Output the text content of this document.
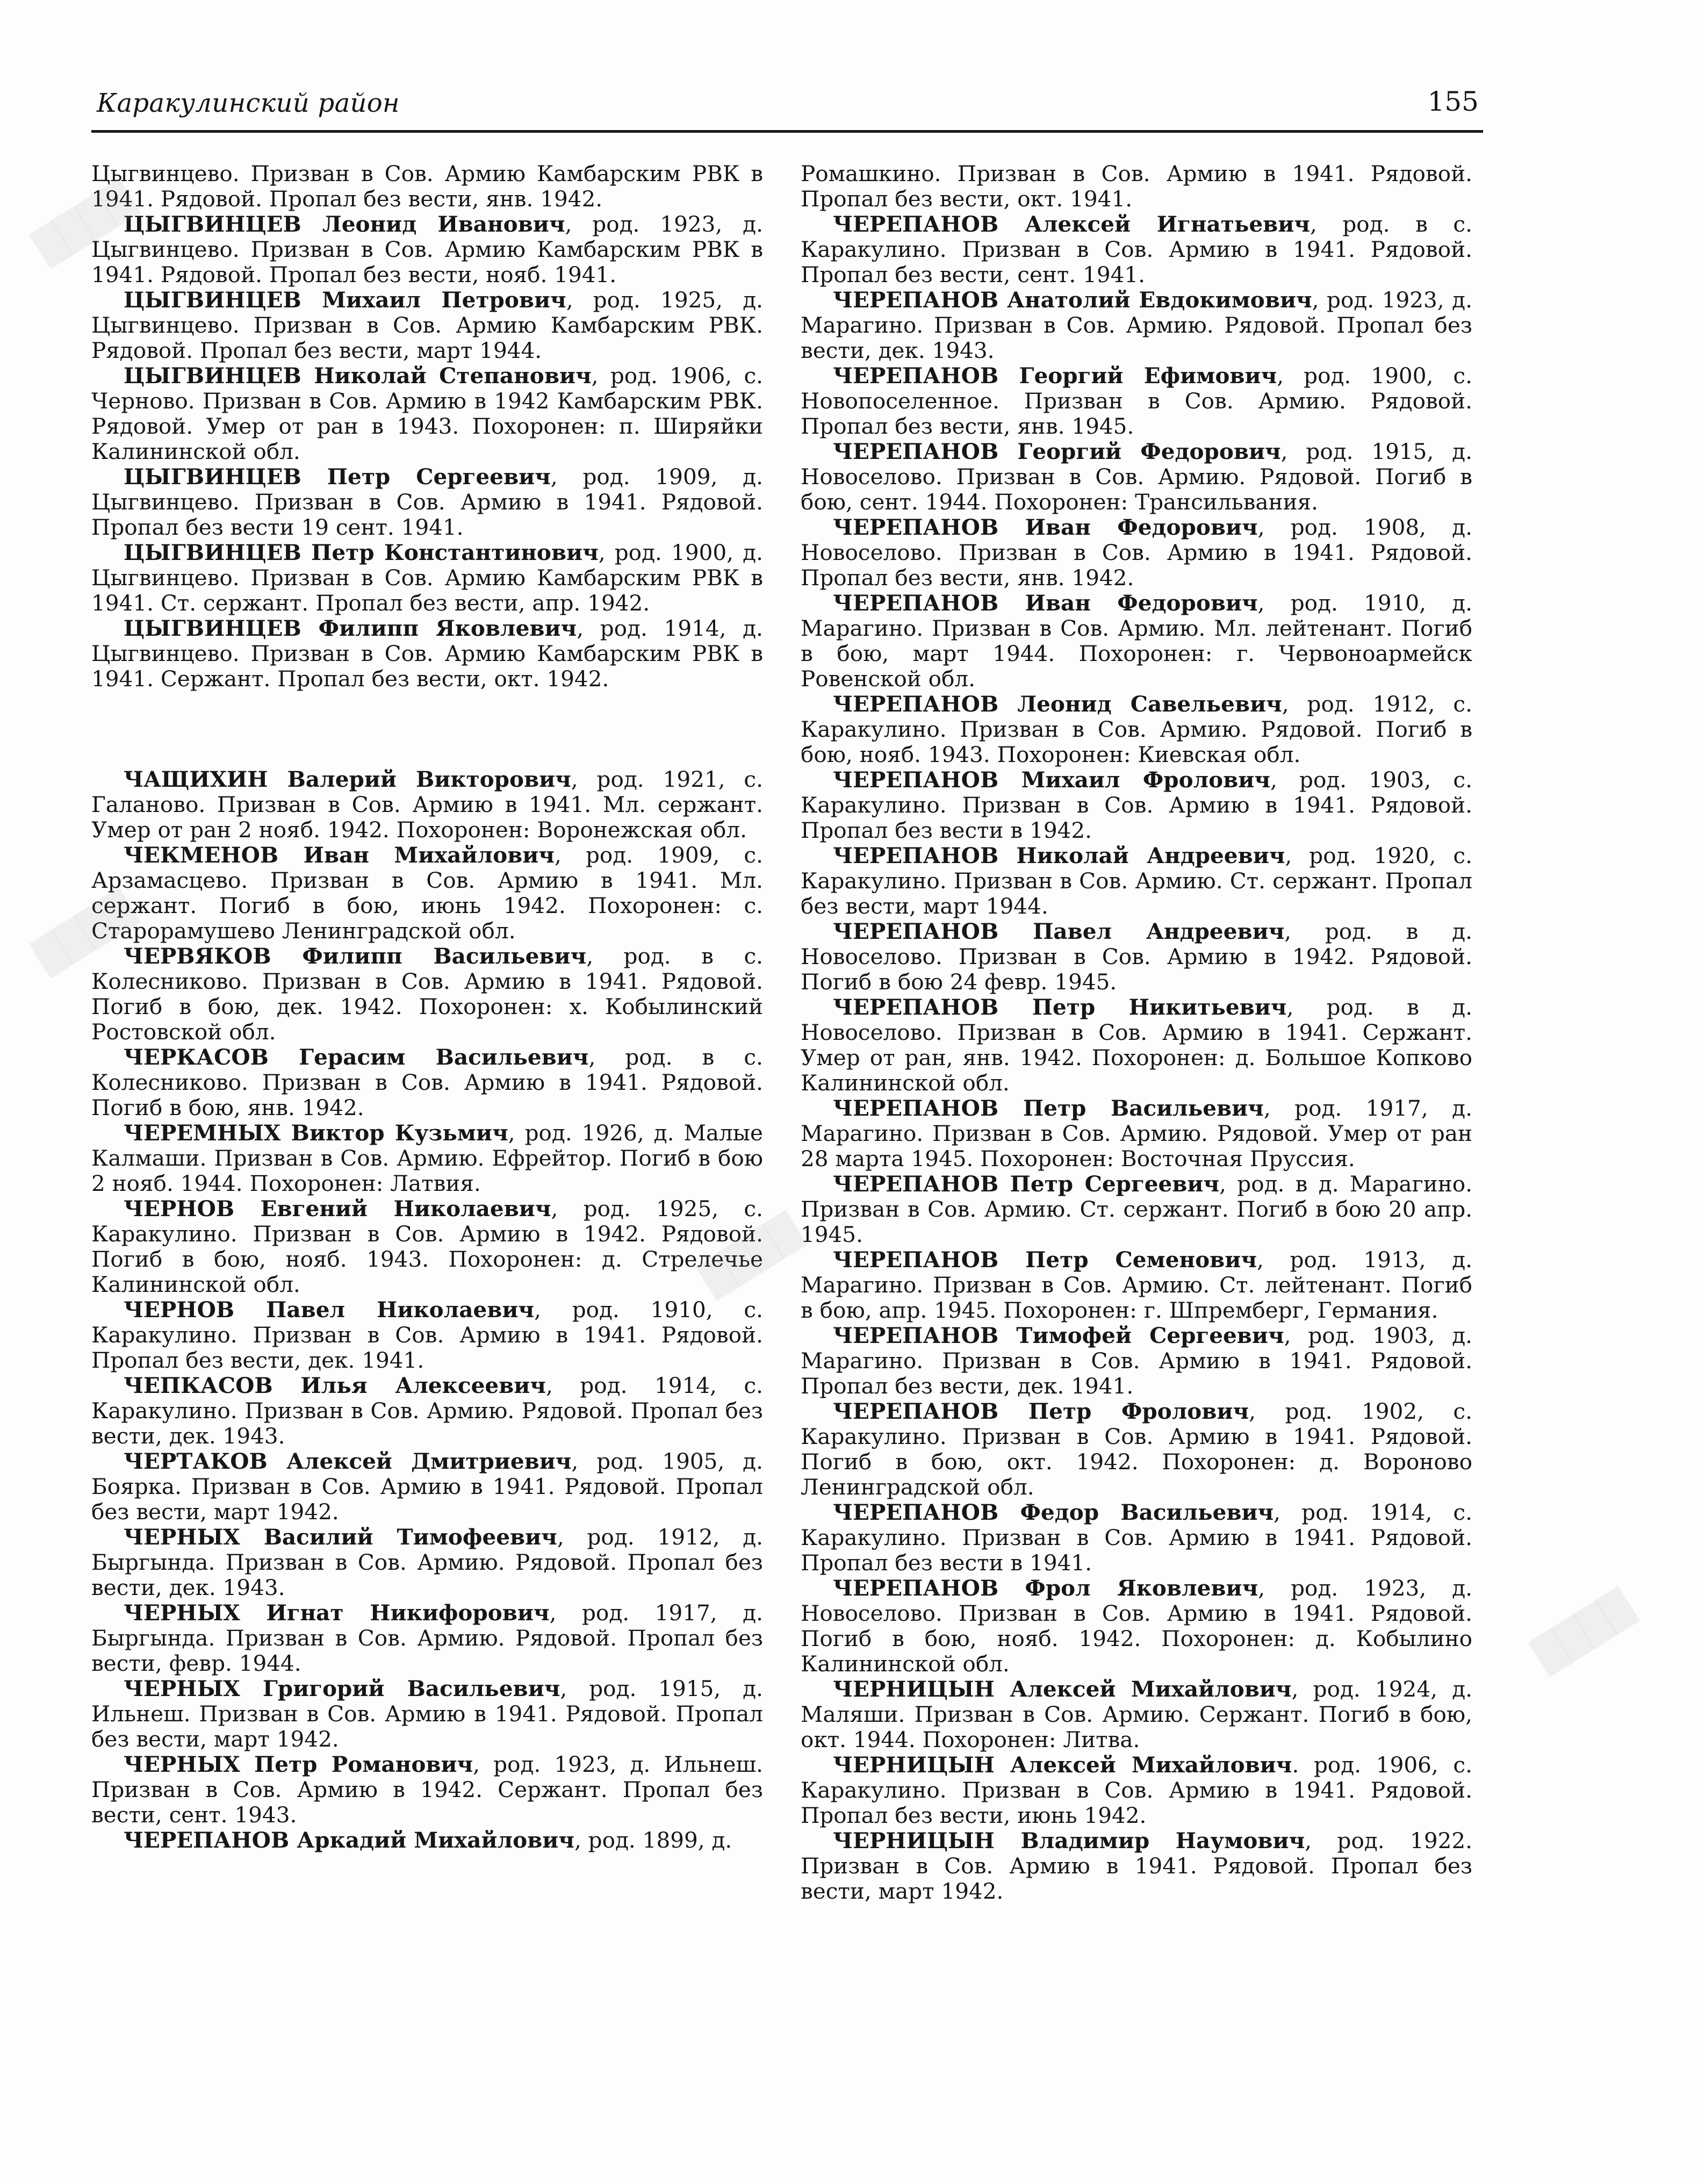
Каракулинский район	155

Цыгвинцево. Призван в Сов. Армию Камбарским РВК в 1941. Рядовой. Пропал без вести, янв. 1942.

ЦЫГВИНЦЕВ Леонид Иванович, род. 1923, д. Цыгвинцево. Призван в Сов. Армию Камбарским РВК в 1941. Рядовой. Пропал без вести, нояб. 1941.

ЦЫГВИНЦЕВ Михаил Петрович, род. 1925, д. Цыгвинцево. Призван в Сов. Армию Камбарским РВК. Рядовой. Пропал без вести, март 1944.

ЦЫГВИНЦЕВ Николай Степанович, род. 1906, с. Черново. Призван в Сов. Армию в 1942 Камбарским РВК. Рядовой. Умер от ран в 1943. Похоронен: п. Ширяйки Калининской обл.

ЦЫГВИНЦЕВ Петр Сергеевич, род. 1909, д. Цыгвинцево. Призван в Сов. Армию в 1941. Рядовой. Пропал без вести 19 сент. 1941.

ЦЫГВИНЦЕВ Петр Константинович, род. 1900, д. Цыгвинцево. Призван в Сов. Армию Камбарским РВК в 1941. Ст. сержант. Пропал без вести, апр. 1942.

ЦЫГВИНЦЕВ Филипп Яковлевич, род. 1914, д. Цыгвинцево. Призван в Сов. Армию Камбарским РВК в 1941. Сержант. Пропал без вести, окт. 1942.

ЧАЩИХИН Валерий Викторович, род. 1921, с. Галаново. Призван в Сов. Армию в 1941. Мл. сержант. Умер от ран 2 нояб. 1942. Похоронен: Воронежская обл.

ЧЕКМЕНОВ Иван Михайлович, род. 1909, с. Арзамасцево. Призван в Сов. Армию в 1941. Мл. сержант. Погиб в бою, июнь 1942. Похоронен: с. Старорамушево Ленинградской обл.

ЧЕРВЯКОВ Филипп Васильевич, род. в с. Колесниково. Призван в Сов. Армию в 1941. Рядовой. Погиб в бою, дек. 1942. Похоронен: х. Кобылинский Ростовской обл.

ЧЕРКАСОВ Герасим Васильевич, род. в с. Колесниково. Призван в Сов. Армию в 1941. Рядовой. Погиб в бою, янв. 1942.

ЧЕРЕМНЫХ Виктор Кузьмич, род. 1926, д. Малые Калмаши. Призван в Сов. Армию. Ефрейтор. Погиб в бою 2 нояб. 1944. Похоронен: Латвия.

ЧЕРНОВ Евгений Николаевич, род. 1925, с. Каракулино. Призван в Сов. Армию в 1942. Рядовой. Погиб в бою, нояб. 1943. Похоронен: д. Стрелечье Калининской обл.

ЧЕРНОВ Павел Николаевич, род. 1910, с. Каракулино. Призван в Сов. Армию в 1941. Рядовой. Пропал без вести, дек. 1941.

ЧЕПКАСОВ Илья Алексеевич, род. 1914, с. Каракулино. Призван в Сов. Армию. Рядовой. Пропал без вести, дек. 1943.

ЧЕРТАКОВ Алексей Дмитриевич, род. 1905, д. Боярка. Призван в Сов. Армию в 1941. Рядовой. Пропал без вести, март 1942.

ЧЕРНЫХ Василий Тимофеевич, род. 1912, д. Быргында. Призван в Сов. Армию. Рядовой. Пропал без вести, дек. 1943.

ЧЕРНЫХ Игнат Никифорович, род. 1917, д. Быргында. Призван в Сов. Армию. Рядовой. Пропал без вести, февр. 1944.

ЧЕРНЫХ Григорий Васильевич, род. 1915, д. Ильнеш. Призван в Сов. Армию в 1941. Рядовой. Пропал без вести, март 1942.

ЧЕРНЫХ Петр Романович, род. 1923, д. Ильнеш. Призван в Сов. Армию в 1942. Сержант. Пропал без вести, сент. 1943.

ЧЕРЕПАНОВ Аркадий Михайлович, род. 1899, д.

Ромашкино. Призван в Сов. Армию в 1941. Рядовой. Пропал без вести, окт. 1941.

ЧЕРЕПАНОВ Алексей Игнатьевич, род. в с. Каракулино. Призван в Сов. Армию в 1941. Рядовой. Пропал без вести, сент. 1941.

ЧЕРЕПАНОВ Анатолий Евдокимович, род. 1923, д. Марагино. Призван в Сов. Армию. Рядовой. Пропал без вести, дек. 1943.

ЧЕРЕПАНОВ Георгий Ефимович, род. 1900, с. Новопоселенное. Призван в Сов. Армию. Рядовой. Пропал без вести, янв. 1945.

ЧЕРЕПАНОВ Георгий Федорович, род. 1915, д. Новоселово. Призван в Сов. Армию. Рядовой. Погиб в бою, сент. 1944. Похоронен: Трансильвания.

ЧЕРЕПАНОВ Иван Федорович, род. 1908, д. Новоселово. Призван в Сов. Армию в 1941. Рядовой. Пропал без вести, янв. 1942.

ЧЕРЕПАНОВ Иван Федорович, род. 1910, д. Марагино. Призван в Сов. Армию. Мл. лейтенант. Погиб в бою, март 1944. Похоронен: г. Червоноармейск Ровенской обл.

ЧЕРЕПАНОВ Леонид Савельевич, род. 1912, с. Каракулино. Призван в Сов. Армию. Рядовой. Погиб в бою, нояб. 1943. Похоронен: Киевская обл.

ЧЕРЕПАНОВ Михаил Фролович, род. 1903, с. Каракулино. Призван в Сов. Армию в 1941. Рядовой. Пропал без вести в 1942.

ЧЕРЕПАНОВ Николай Андреевич, род. 1920, с. Каракулино. Призван в Сов. Армию. Ст. сержант. Пропал без вести, март 1944.

ЧЕРЕПАНОВ Павел Андреевич, род. в д. Новоселово. Призван в Сов. Армию в 1942. Рядовой. Погиб в бою 24 февр. 1945.

ЧЕРЕПАНОВ Петр Никитьевич, род. в д. Новоселово. Призван в Сов. Армию в 1941. Сержант. Умер от ран, янв. 1942. Похоронен: д. Большое Копково Калининской обл.

ЧЕРЕПАНОВ Петр Васильевич, род. 1917, д. Марагино. Призван в Сов. Армию. Рядовой. Умер от ран 28 марта 1945. Похоронен: Восточная Пруссия.

ЧЕРЕПАНОВ Петр Сергеевич, род. в д. Марагино. Призван в Сов. Армию. Ст. сержант. Погиб в бою 20 апр. 1945.

ЧЕРЕПАНОВ Петр Семенович, род. 1913, д. Марагино. Призван в Сов. Армию. Ст. лейтенант. Погиб в бою, апр. 1945. Похоронен: г. Шпремберг, Германия.

ЧЕРЕПАНОВ Тимофей Сергеевич, род. 1903, д. Марагино. Призван в Сов. Армию в 1941. Рядовой. Пропал без вести, дек. 1941.

ЧЕРЕПАНОВ Петр Фролович, род. 1902, с. Каракулино. Призван в Сов. Армию в 1941. Рядовой. Погиб в бою, окт. 1942. Похоронен: д. Вороново Ленинградской обл.

ЧЕРЕПАНОВ Федор Васильевич, род. 1914, с. Каракулино. Призван в Сов. Армию в 1941. Рядовой. Пропал без вести в 1941.

ЧЕРЕПАНОВ Фрол Яковлевич, род. 1923, д. Новоселово. Призван в Сов. Армию в 1941. Рядовой. Погиб в бою, нояб. 1942. Похоронен: д. Кобылино Калининской обл.

ЧЕРНИЦЫН Алексей Михайлович, род. 1924, д. Маляши. Призван в Сов. Армию. Сержант. Погиб в бою, окт. 1944. Похоронен: Литва.

ЧЕРНИЦЫН Алексей Михайлович. род. 1906, с. Каракулино. Призван в Сов. Армию в 1941. Рядовой. Пропал без вести, июнь 1942.

ЧЕРНИЦЫН Владимир Наумович, род. 1922. Призван в Сов. Армию в 1941. Рядовой. Пропал без вести, март 1942.

████
████
████
████
